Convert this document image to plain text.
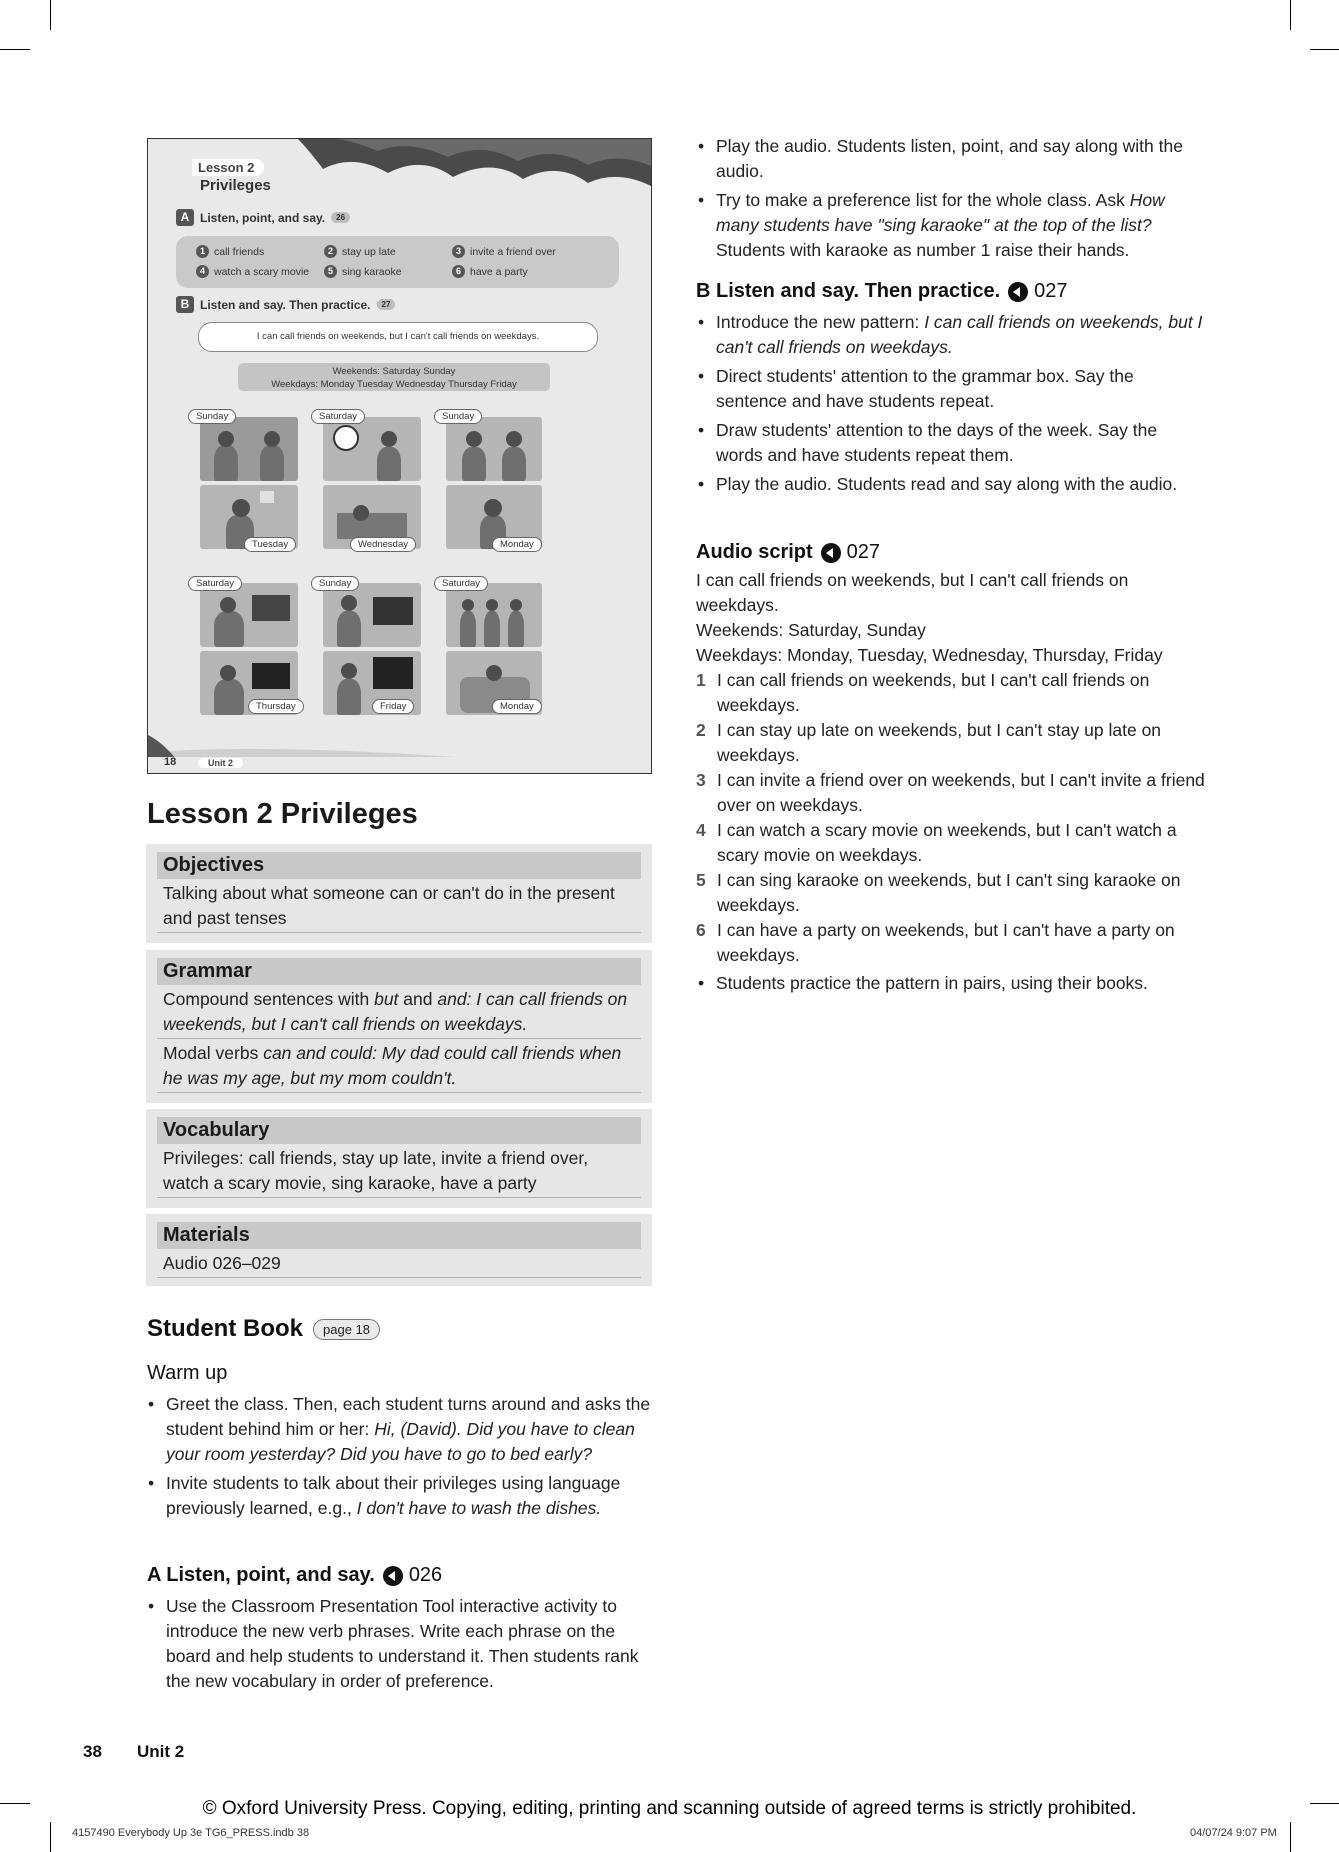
Lesson 2
Privileges
A Listen, point, and say.	26
1 call friends	2 stay up late	3 invite a friend over
4 watch a scary movie	5 sing karaoke	6 have a party
B Listen and say. Then practice.	27
I can call friends on weekends, but I can't call friends on weekdays.
Weekends: Saturday Sunday
Weekdays: Monday Tuesday Wednesday Thursday Friday
Sunday
Tuesday
Saturday
Wednesday
Sunday
Monday
Saturday
Thursday
Sunday
Friday
Saturday
Monday
18	Unit 2
Lesson 2 Privileges
Objectives
Talking about what someone can or can't do in the present and past tenses
Grammar
Compound sentences with but and and: I can call friends on weekends, but I can't call friends on weekdays.
Modal verbs can and could: My dad could call friends when he was my age, but my mom couldn't.
Vocabulary
Privileges: call friends, stay up late, invite a friend over, watch a scary movie, sing karaoke, have a party
Materials
Audio 026–029
Student Book	page 18
Warm up
• Greet the class. Then, each student turns around and asks the student behind him or her: Hi, (David). Did you have to clean your room yesterday? Did you have to go to bed early?
• Invite students to talk about their privileges using language previously learned, e.g., I don't have to wash the dishes.
A Listen, point, and say. 026
• Use the Classroom Presentation Tool interactive activity to introduce the new verb phrases. Write each phrase on the board and help students to understand it. Then students rank the new vocabulary in order of preference.
• Play the audio. Students listen, point, and say along with the audio.
• Try to make a preference list for the whole class. Ask How many students have "sing karaoke" at the top of the list? Students with karaoke as number 1 raise their hands.
B Listen and say. Then practice. 027
• Introduce the new pattern: I can call friends on weekends, but I can't call friends on weekdays.
• Direct students' attention to the grammar box. Say the sentence and have students repeat.
• Draw students' attention to the days of the week. Say the words and have students repeat them.
• Play the audio. Students read and say along with the audio.
Audio script 027
I can call friends on weekends, but I can't call friends on weekdays.
Weekends: Saturday, Sunday
Weekdays: Monday, Tuesday, Wednesday, Thursday, Friday
1 I can call friends on weekends, but I can't call friends on weekdays.
2 I can stay up late on weekends, but I can't stay up late on weekdays.
3 I can invite a friend over on weekends, but I can't invite a friend over on weekdays.
4 I can watch a scary movie on weekends, but I can't watch a scary movie on weekdays.
5 I can sing karaoke on weekends, but I can't sing karaoke on weekdays.
6 I can have a party on weekends, but I can't have a party on weekdays.
• Students practice the pattern in pairs, using their books.
38 Unit 2
© Oxford University Press. Copying, editing, printing and scanning outside of agreed terms is strictly prohibited.
4157490 Everybody Up 3e TG6_PRESS.indb 38	04/07/24 9:07 PM
